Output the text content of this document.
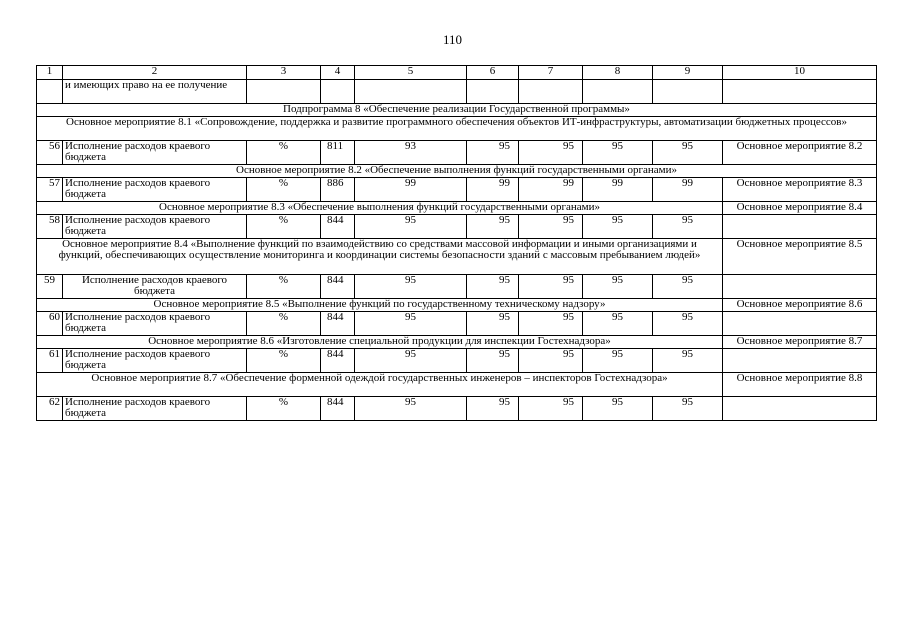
110
1	2	3	4	5	6	7	8	9	10
	и имеющих право на ее получение								
Подпрограмма 8 «Обеспечение реализации Государственной программы»									
Основное мероприятие 8.1 «Сопровождение, поддержка и развитие программного обеспечения объектов ИТ-инфраструктуры, автоматизации бюджетных процессов»									
56	Исполнение расходов краевого бюджета	%	811	93	95	95	95	95	Основное мероприятие 8.2
Основное мероприятие 8.2 «Обеспечение выполнения функций государственными органами»									
57	Исполнение расходов краевого бюджета	%	886	99	99	99	99	99	Основное мероприятие 8.3
Основное мероприятие 8.3 «Обеспечение выполнения функций государственными органами»									Основное мероприятие 8.4
58	Исполнение расходов краевого бюджета	%	844	95	95	95	95	95	
Основное мероприятие 8.4 «Выполнение функций по взаимодействию со средствами массовой информации и иными организациями и функций, обеспечивающих осуществление мониторинга и координации системы безопасности зданий с массовым пребыванием людей»									Основное мероприятие 8.5
59	Исполнение расходов краевого бюджета	%	844	95	95	95	95	95	
Основное мероприятие 8.5 «Выполнение функций по государственному техническому надзору»									Основное мероприятие 8.6
60	Исполнение расходов краевого бюджета	%	844	95	95	95	95	95	
Основное мероприятие 8.6 «Изготовление специальной продукции для инспекции Гостехнадзора»									Основное мероприятие 8.7
61	Исполнение расходов краевого бюджета	%	844	95	95	95	95	95	
Основное мероприятие 8.7 «Обеспечение форменной одеждой государственных инженеров – инспекторов Гостехнадзора»									Основное мероприятие 8.8
62	Исполнение расходов краевого бюджета	%	844	95	95	95	95	95	
